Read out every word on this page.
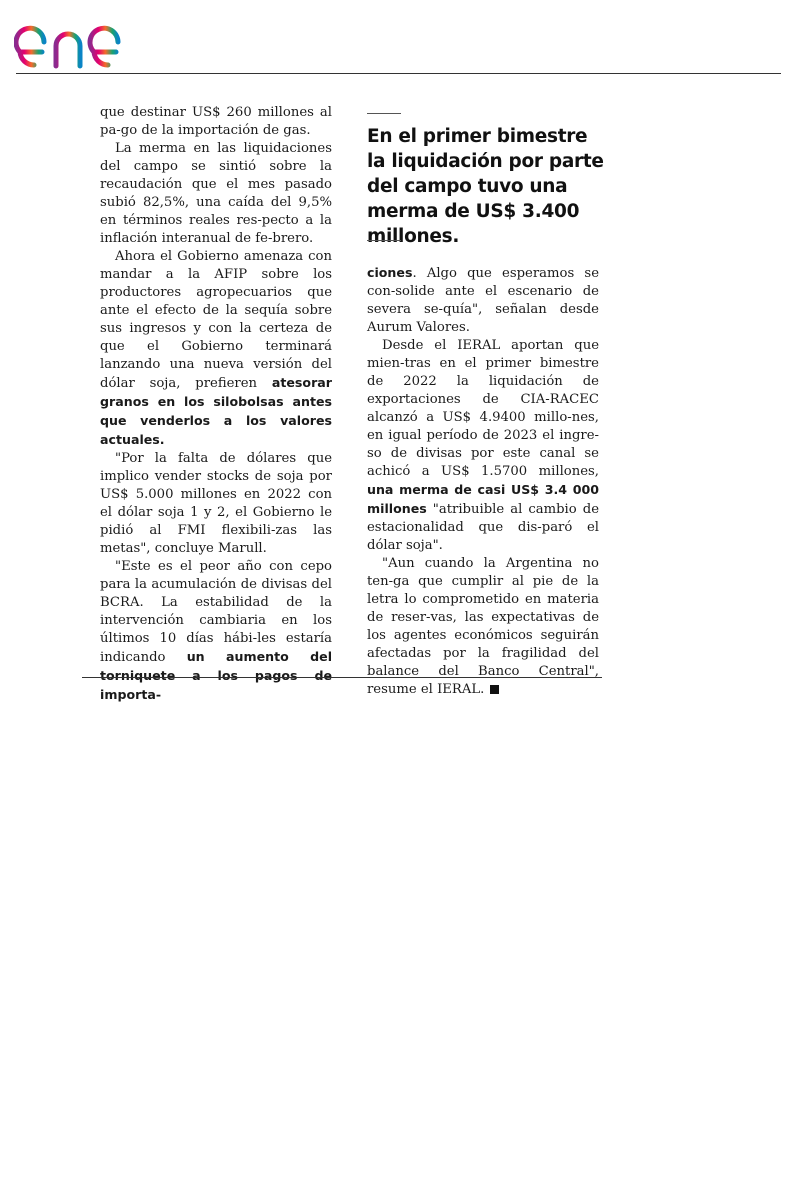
que destinar US$ 260 millones al pa-go de la importación de gas.

La merma en las liquidaciones del campo se sintió sobre la recaudación que el mes pasado subió 82,5%, una caída del 9,5% en términos reales res-pecto a la inflación interanual de fe-brero.

Ahora el Gobierno amenaza con mandar a la AFIP sobre los productores agropecuarios que ante el efecto de la sequía sobre sus ingresos y con la certeza de que el Gobierno terminará lanzando una nueva versión del dólar soja, prefieren atesorar granos en los silobolsas antes que venderlos a los valores actuales.

"Por la falta de dólares que implico vender stocks de soja por US$ 5.000 millones en 2022 con el dólar soja 1 y 2, el Gobierno le pidió al FMI flexibili-zas las metas", concluye Marull.

"Este es el peor año con cepo para la acumulación de divisas del BCRA. La estabilidad de la intervención cambiaria en los últimos 10 días hábi-les estaría indicando un aumento del torniquete a los pagos de importa-

En el primer bimestre la liquidación por parte del campo tuvo una merma de US$ 3.400 millones.

ciones. Algo que esperamos se con-solide ante el escenario de severa se-quía", señalan desde Aurum Valores.

Desde el IERAL aportan que mien-tras en el primer bimestre de 2022 la liquidación de exportaciones de CIA-RACEC alcanzó a US$ 4.9400 millo-nes, en igual período de 2023 el ingre-so de divisas por este canal se achicó a US$ 1.5700 millones, una merma de casi US$ 3.4 000 millones "atribuible al cambio de estacionalidad que dis-paró el dólar soja".

"Aun cuando la Argentina no ten-ga que cumplir al pie de la letra lo comprometido en materia de reser-vas, las expectativas de los agentes económicos seguirán afectadas por la fragilidad del balance del Banco Central", resume el IERAL.
